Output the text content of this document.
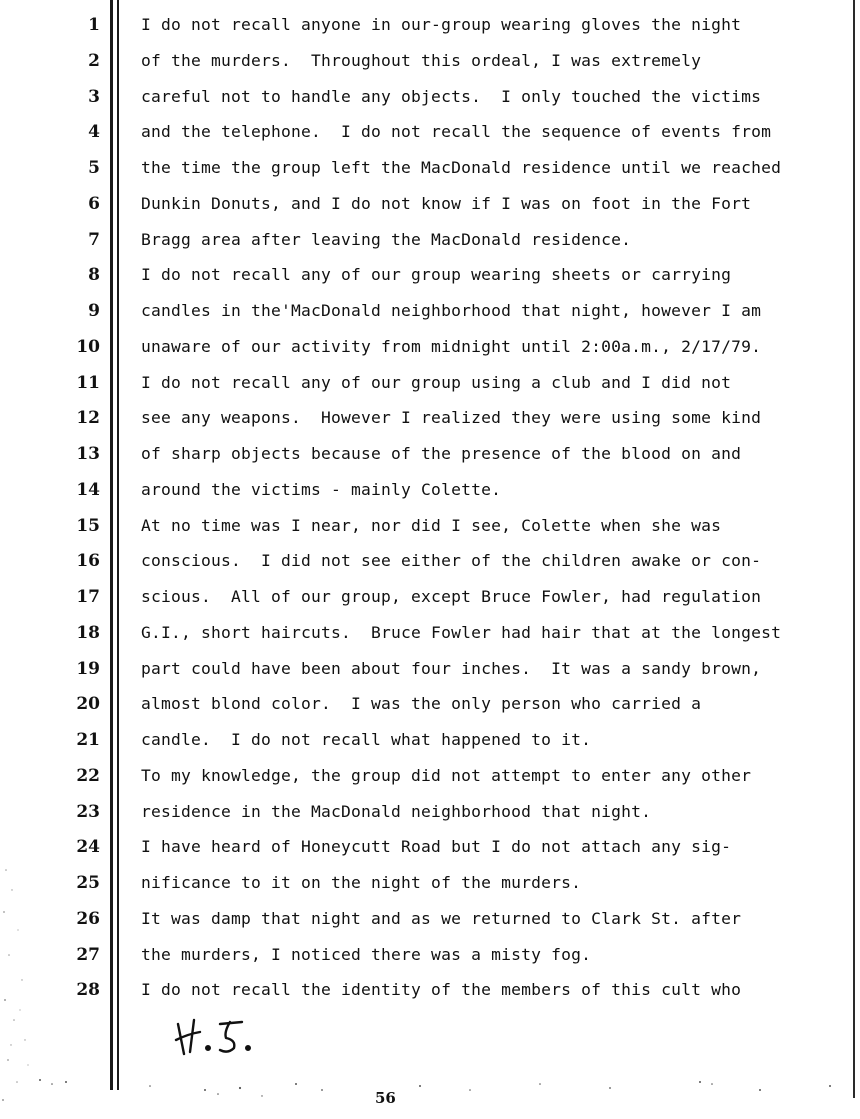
1
2
3
4
5
6
7
8
9
10
11
12
13
14
15
16
17
18
19
20
21
22
23
24
25
26
27
28
I do not recall anyone in our-group wearing gloves the night
of the murders.  Throughout this ordeal, I was extremely
careful not to handle any objects.  I only touched the victims
and the telephone.  I do not recall the sequence of events from
the time the group left the MacDonald residence until we reached
Dunkin Donuts, and I do not know if I was on foot in the Fort
Bragg area after leaving the MacDonald residence.
I do not recall any of our group wearing sheets or carrying
candles in the'MacDonald neighborhood that night, however I am
unaware of our activity from midnight until 2:00a.m., 2/17/79.
I do not recall any of our group using a club and I did not
see any weapons.  However I realized they were using some kind
of sharp objects because of the presence of the blood on and
around the victims - mainly Colette.
At no time was I near, nor did I see, Colette when she was
conscious.  I did not see either of the children awake or con-
scious.  All of our group, except Bruce Fowler, had regulation
G.I., short haircuts.  Bruce Fowler had hair that at the longest
part could have been about four inches.  It was a sandy brown,
almost blond color.  I was the only person who carried a
candle.  I do not recall what happened to it.
To my knowledge, the group did not attempt to enter any other
residence in the MacDonald neighborhood that night.
I have heard of Honeycutt Road but I do not attach any sig-
nificance to it on the night of the murders.
It was damp that night and as we returned to Clark St. after
the murders, I noticed there was a misty fog.
I do not recall the identity of the members of this cult who
56
